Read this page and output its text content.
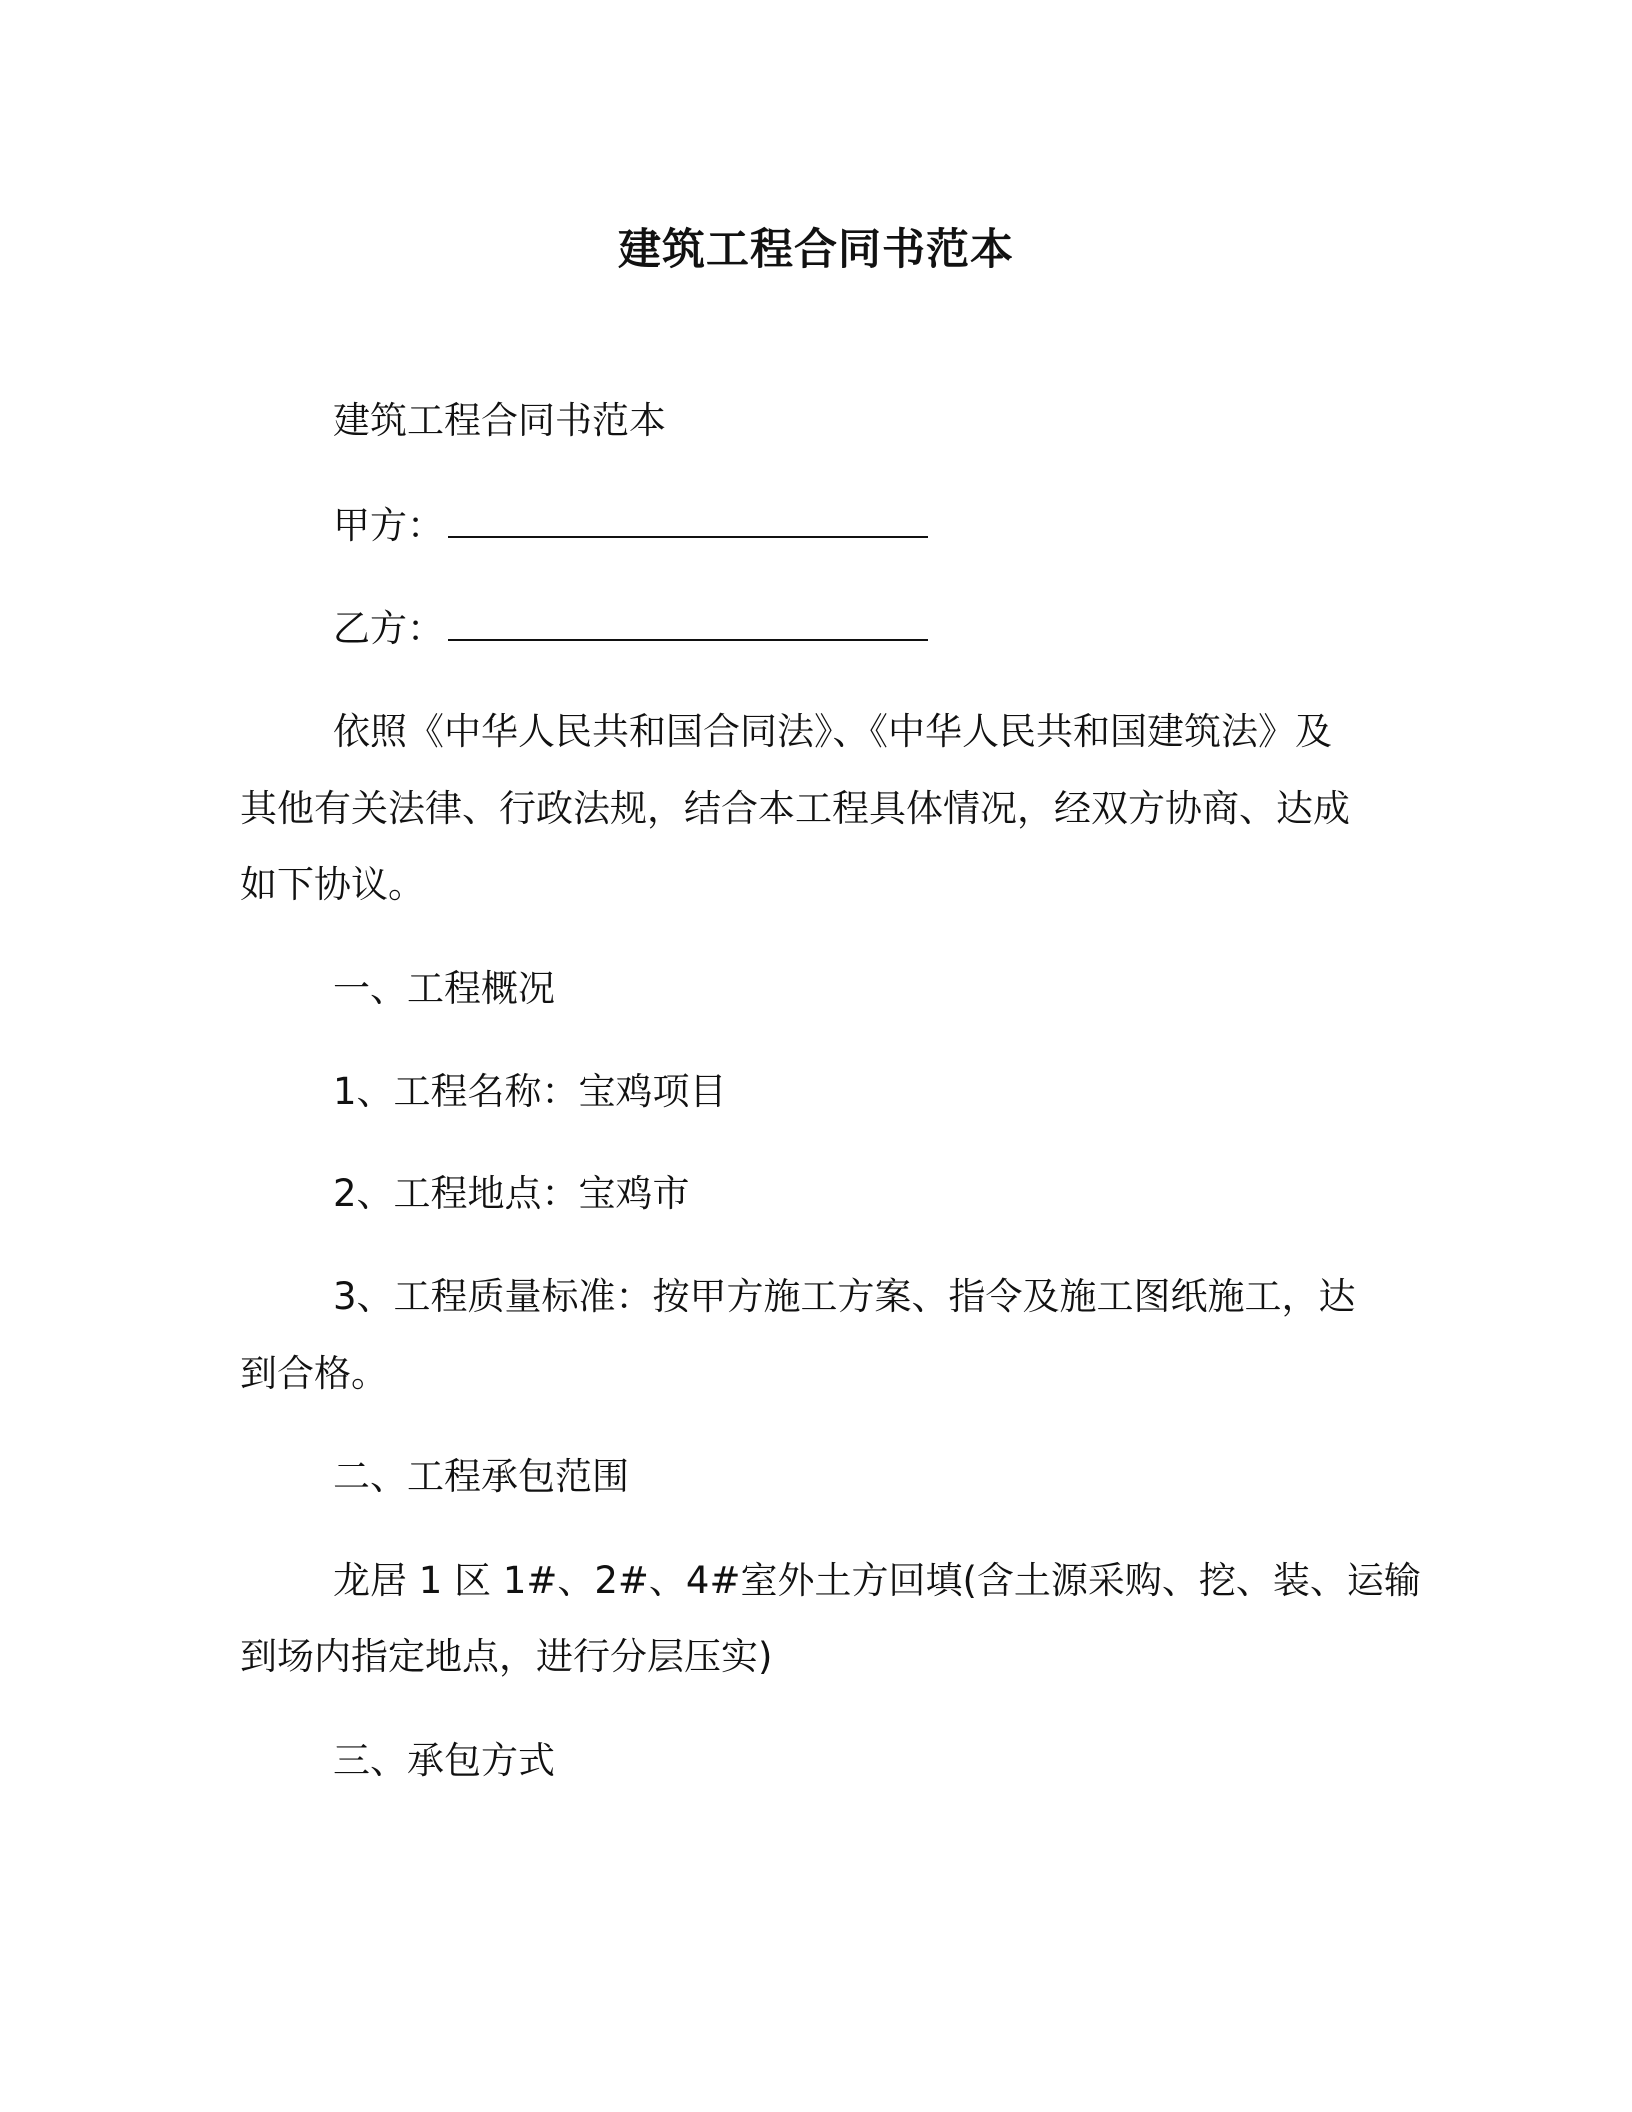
建筑工程合同书范本
建筑工程合同书范本
甲方：
乙方：
依照《中华人民共和国合同法》、《中华人民共和国建筑法》及
其他有关法律、行政法规，结合本工程具体情况，经双方协商、达成
如下协议。
一、工程概况
1、工程名称：宝鸡项目
2、工程地点：宝鸡市
3、工程质量标准：按甲方施工方案、指令及施工图纸施工，达
到合格。
二、工程承包范围
龙居 1 区 1#、2#、4#室外土方回填(含土源采购、挖、装、运输
到场内指定地点，进行分层压实)
三、承包方式
